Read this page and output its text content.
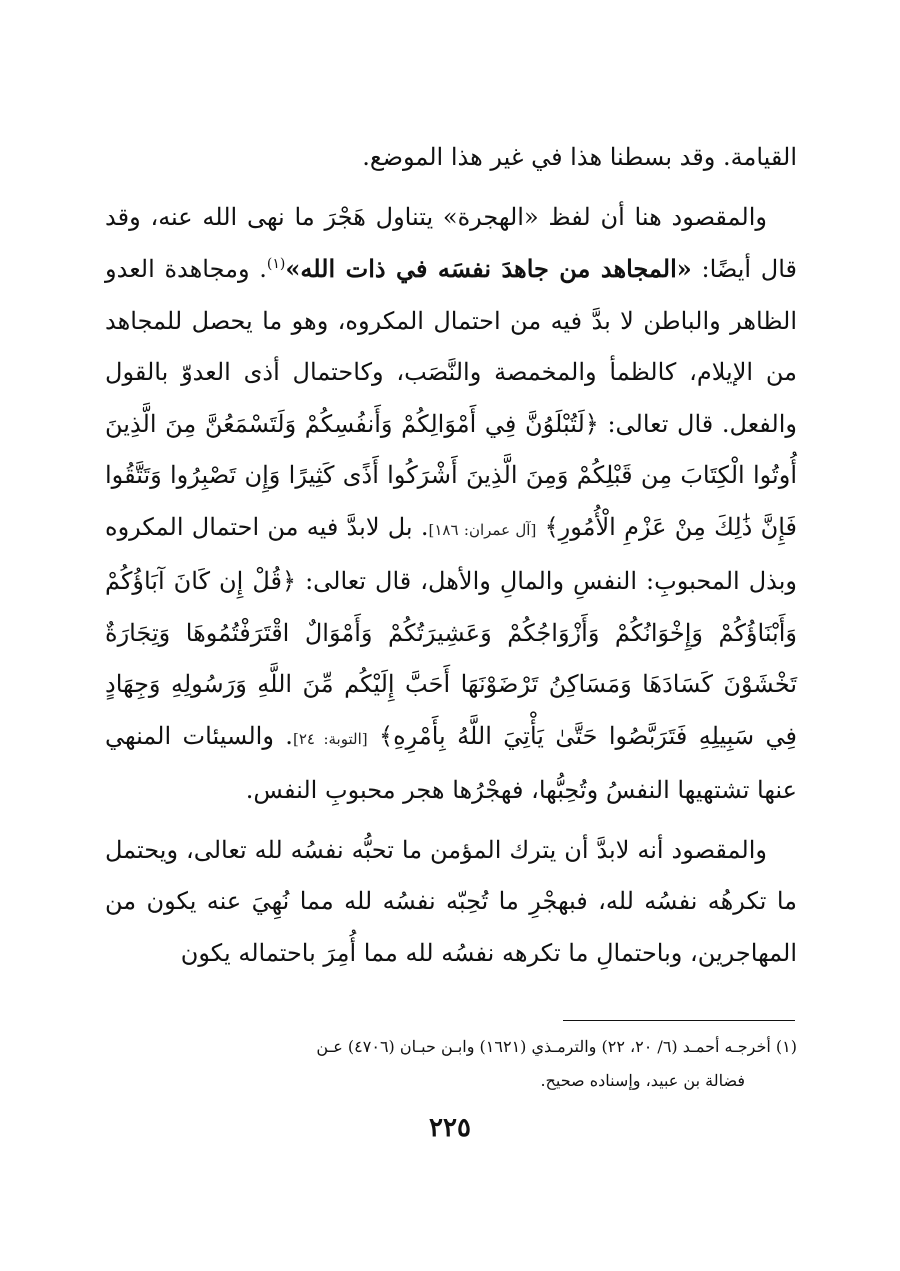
القيامة. وقد بسطنا هذا في غير هذا الموضع.

والمقصود هنا أن لفظ «الهجرة» يتناول هَجْرَ ما نهى الله عنه، وقد قال أيضًا: «المجاهد من جاهدَ نفسَه في ذات الله»$^{(١)}$. ومجاهدة العدو الظاهر والباطن لا بدَّ فيه من احتمال المكروه، وهو ما يحصل للمجاهد من الإيلام، كالظمأ والمخمصة والنَّصَب، وكاحتمال أذى العدوّ بالقول والفعل. قال تعالى: ﴿لَتُبْلَوُنَّ فِي أَمْوَالِكُمْ وَأَنفُسِكُمْ وَلَتَسْمَعُنَّ مِنَ الَّذِينَ أُوتُوا الْكِتَابَ مِن قَبْلِكُمْ وَمِنَ الَّذِينَ أَشْرَكُوا أَذًى كَثِيرًا وَإِن تَصْبِرُوا وَتَتَّقُوا فَإِنَّ ذَٰلِكَ مِنْ عَزْمِ الْأُمُورِ﴾ [آل عمران: ١٨٦]. بل لابدَّ فيه من احتمال المكروه وبذل المحبوبِ: النفسِ والمالِ والأهل، قال تعالى: ﴿قُلْ إِن كَانَ آبَاؤُكُمْ وَأَبْنَاؤُكُمْ وَإِخْوَانُكُمْ وَأَزْوَاجُكُمْ وَعَشِيرَتُكُمْ وَأَمْوَالٌ اقْتَرَفْتُمُوهَا وَتِجَارَةٌ تَخْشَوْنَ كَسَادَهَا وَمَسَاكِنُ تَرْضَوْنَهَا أَحَبَّ إِلَيْكُم مِّنَ اللَّهِ وَرَسُولِهِ وَجِهَادٍ فِي سَبِيلِهِ فَتَرَبَّصُوا حَتَّىٰ يَأْتِيَ اللَّهُ بِأَمْرِهِ﴾ [التوبة: ٢٤]. والسيئات المنهي عنها تشتهيها النفسُ وتُحِبُّها، فهجْرُها هجر محبوبِ النفس.

والمقصود أنه لابدَّ أن يترك المؤمن ما تحبُّه نفسُه لله تعالى، ويحتمل ما تكرهُه نفسُه لله، فبهجْرِ ما تُحِبّه نفسُه لله مما نُهِيَ عنه يكون من المهاجرين، وباحتمالِ ما تكرهه نفسُه لله مما أُمِرَ باحتماله يكون

(١) أخرجـه أحمـد (٦/ ٢٠، ٢٢) والترمـذي (١٦٢١) وابـن حبـان (٤٧٠٦) عـن
فضالة بن عبيد، وإسناده صحيح.
٢٢٥
